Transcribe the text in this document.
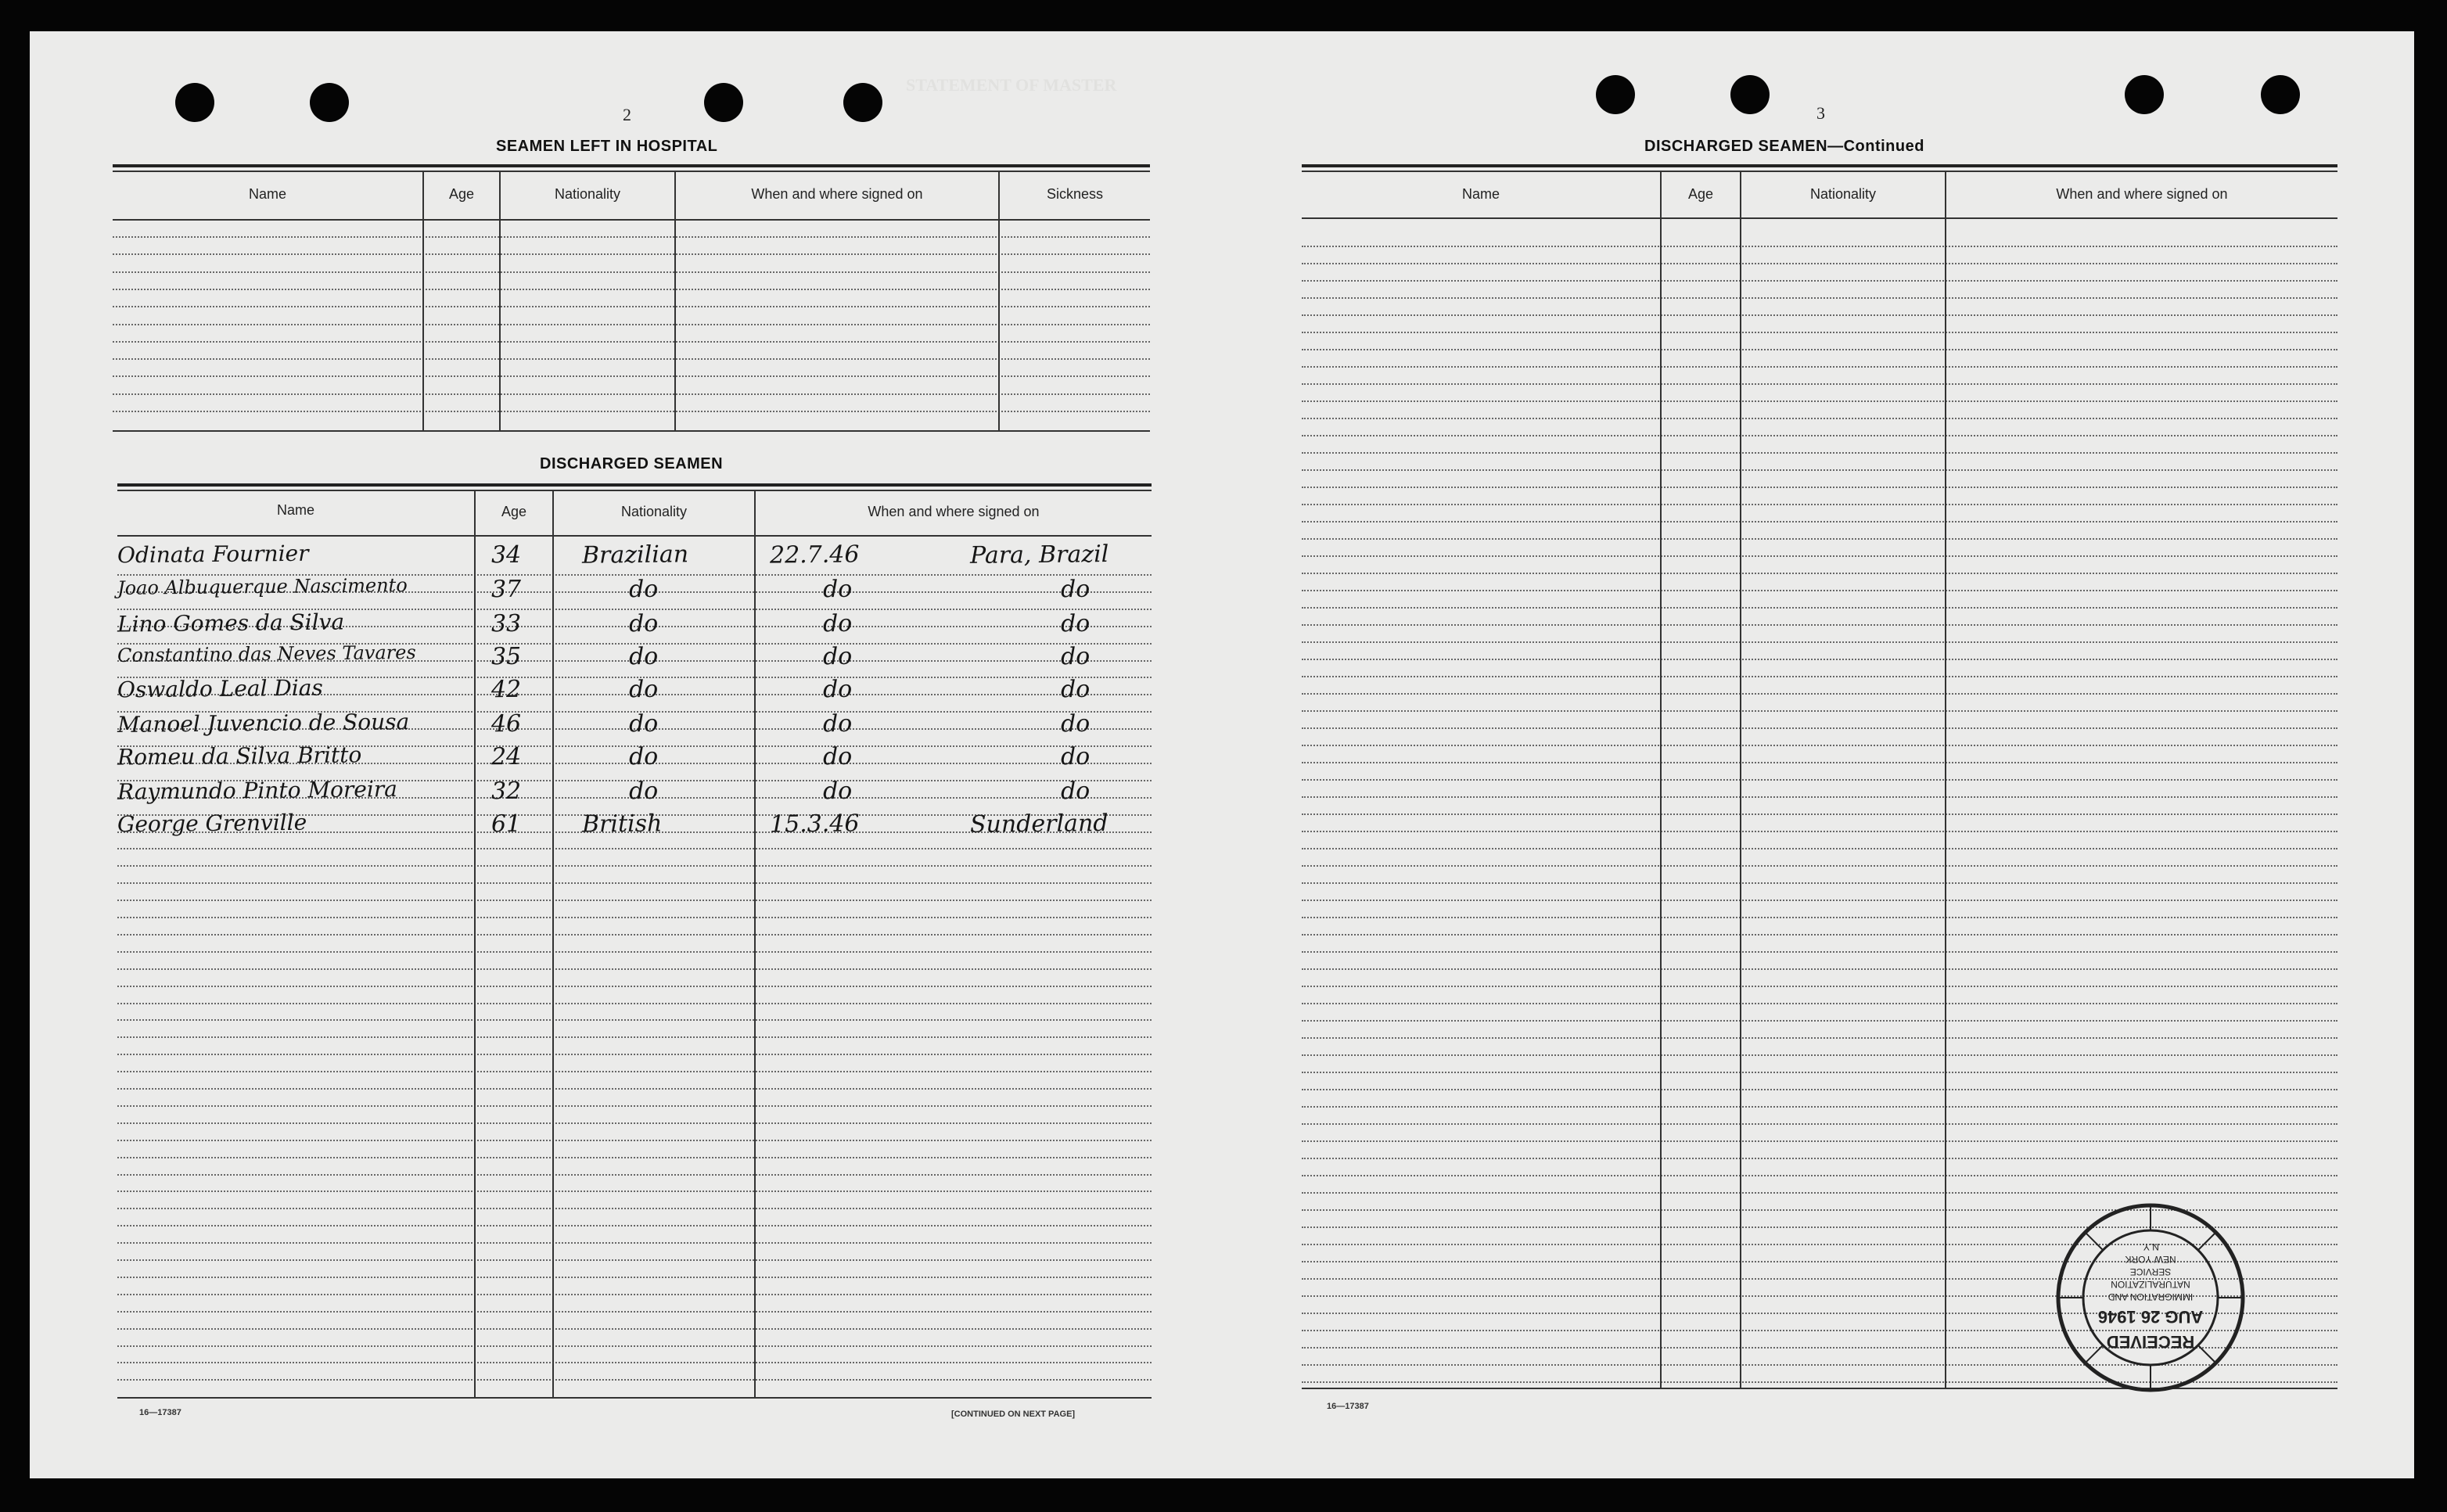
STATEMENT OF MASTER
2
SEAMEN LEFT IN HOSPITAL
Name	Age	Nationality	When and where signed on	Sickness
DISCHARGED SEAMEN
Name	Age	Nationality	When and where signed on
Odinata Fournier	34	Brazilian	22.7.46	Para, Brazil
Joao Albuquerque Nascimento	37	do	do	do
Lino Gomes da Silva	33	do	do	do
Constantino das Neves Tavares	35	do	do	do
Oswaldo Leal Dias	42	do	do	do
Manoel Juvencio de Sousa	46	do	do	do
Romeu da Silva Britto	24	do	do	do
Raymundo Pinto Moreira	32	do	do	do
George Grenville	61	British	15.3.46	Sunderland
16—17387	[CONTINUED ON NEXT PAGE]
3
DISCHARGED SEAMEN—Continued
Name	Age	Nationality	When and where signed on
16—17387
RECEIVED
AUG 26 1946
IMMIGRATION AND
NATURALIZATION
SERVICE
NEW YORK
N.Y.
